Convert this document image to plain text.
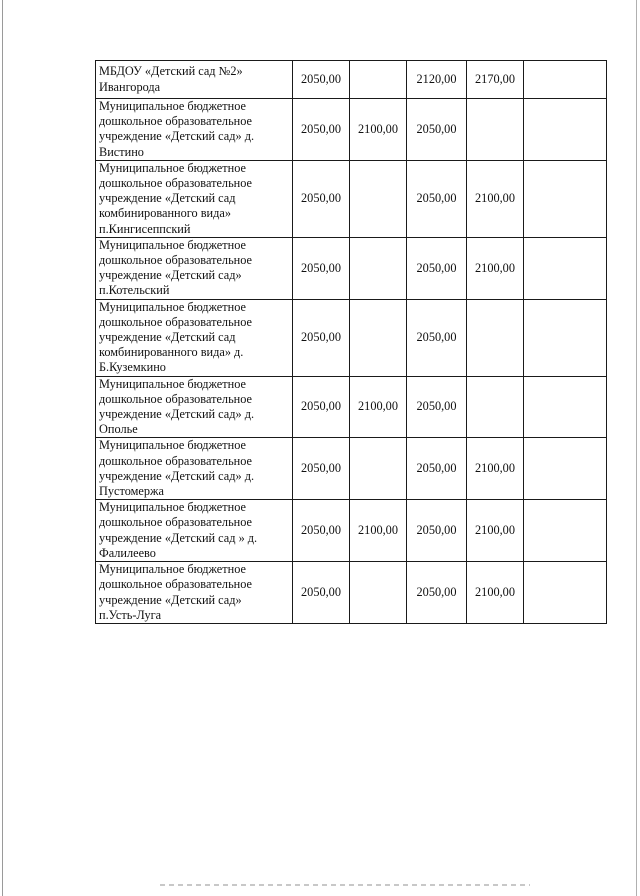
МБДОУ «Детский сад №2»
Ивангорода	2050,00		2120,00	2170,00	

Муниципальное бюджетное
дошкольное образовательное
учреждение «Детский сад» д.
Вистино	2050,00	2100,00	2050,00		

Муниципальное бюджетное
дошкольное образовательное
учреждение «Детский сад
комбинированного вида»
п.Кингисеппский	2050,00		2050,00	2100,00	

Муниципальное бюджетное
дошкольное образовательное
учреждение «Детский сад»
п.Котельский	2050,00		2050,00	2100,00	

Муниципальное бюджетное
дошкольное образовательное
учреждение «Детский сад
комбинированного вида» д.
Б.Куземкино	2050,00		2050,00		

Муниципальное бюджетное
дошкольное образовательное
учреждение «Детский сад» д.
Ополье	2050,00	2100,00	2050,00		

Муниципальное бюджетное
дошкольное образовательное
учреждение «Детский сад» д.
Пустомержа	2050,00		2050,00	2100,00	

Муниципальное бюджетное
дошкольное образовательное
учреждение «Детский сад » д.
Фалилеево	2050,00	2100,00	2050,00	2100,00	

Муниципальное бюджетное
дошкольное образовательное
учреждение «Детский сад»
п.Усть-Луга	2050,00		2050,00	2100,00	
